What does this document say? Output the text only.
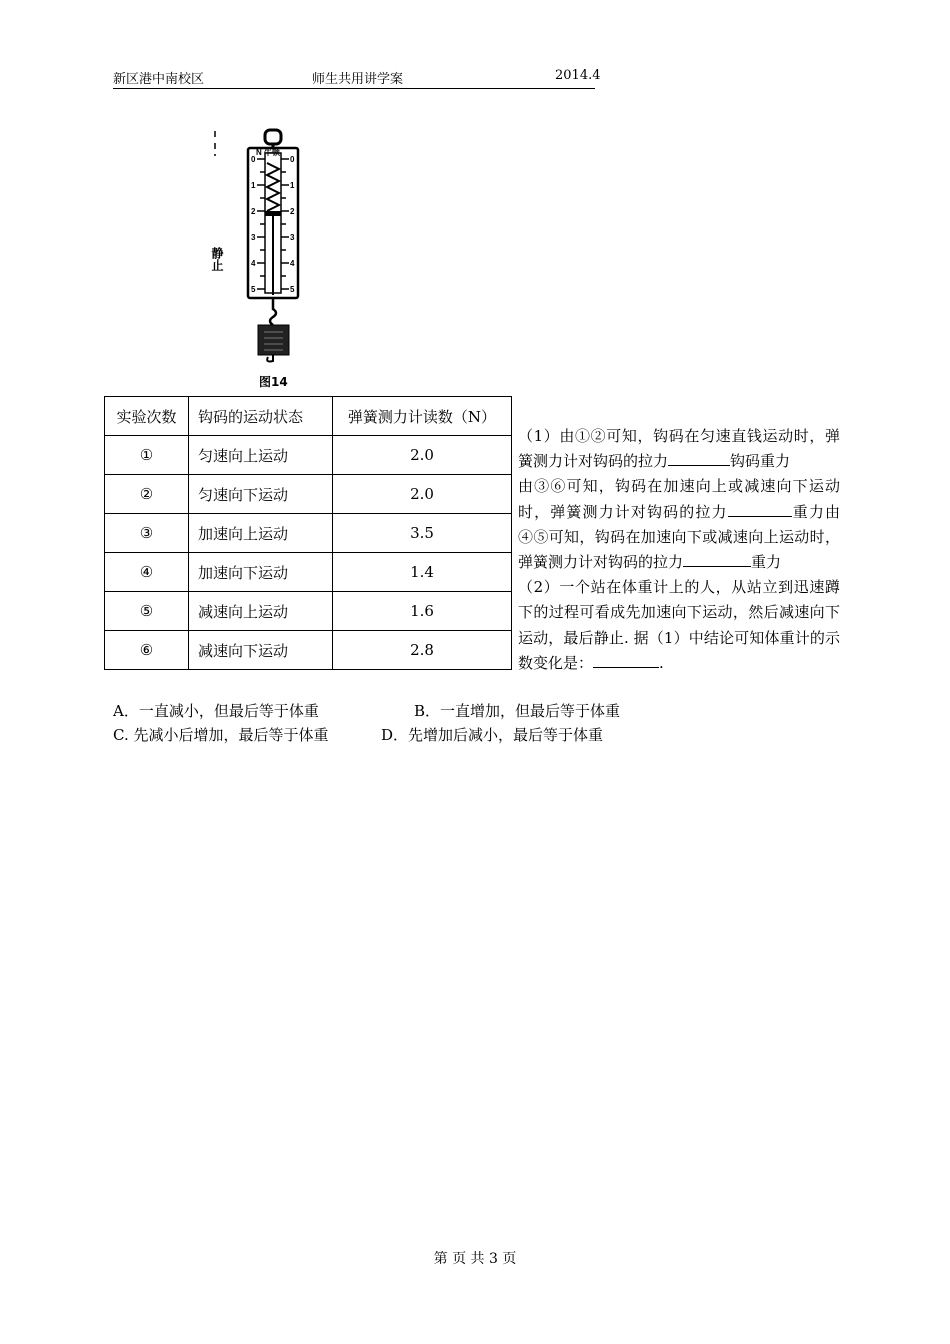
新区港中南校区	师生共用讲学案	2014.4
N 牛顿
0
1
2
3
4
5
0
1
2
3
4
5
静止
图14
实验次数	钩码的运动状态	弹簧测力计读数（N）
①	匀速向上运动	2.0
②	匀速向下运动	2.0
③	加速向上运动	3.5
④	加速向下运动	1.4
⑤	减速向上运动	1.6
⑥	减速向下运动	2.8

（1）由①②可知，钩码在匀速直钱运动时，弹簧测力计对钩码的拉力	钩码重力

由③⑥可知，钩码在加速向上或减速向下运动时，弹簧测力计对钩码的拉力	重力由④⑤可知，钩码在加速向下或减速向上运动时，弹簧测力计对钩码的拉力	重力

（2）一个站在体重计上的人，从站立到迅速蹲下的过程可看成先加速向下运动，然后减速向下运动，最后静止. 据（1）中结论可知体重计的示数变化是：	.

A．一直减小，但最后等于体重	B．一直增加，但最后等于体重
C. 先减小后增加，最后等于体重	D．先增加后减小，最后等于体重
第 页 共 3 页
